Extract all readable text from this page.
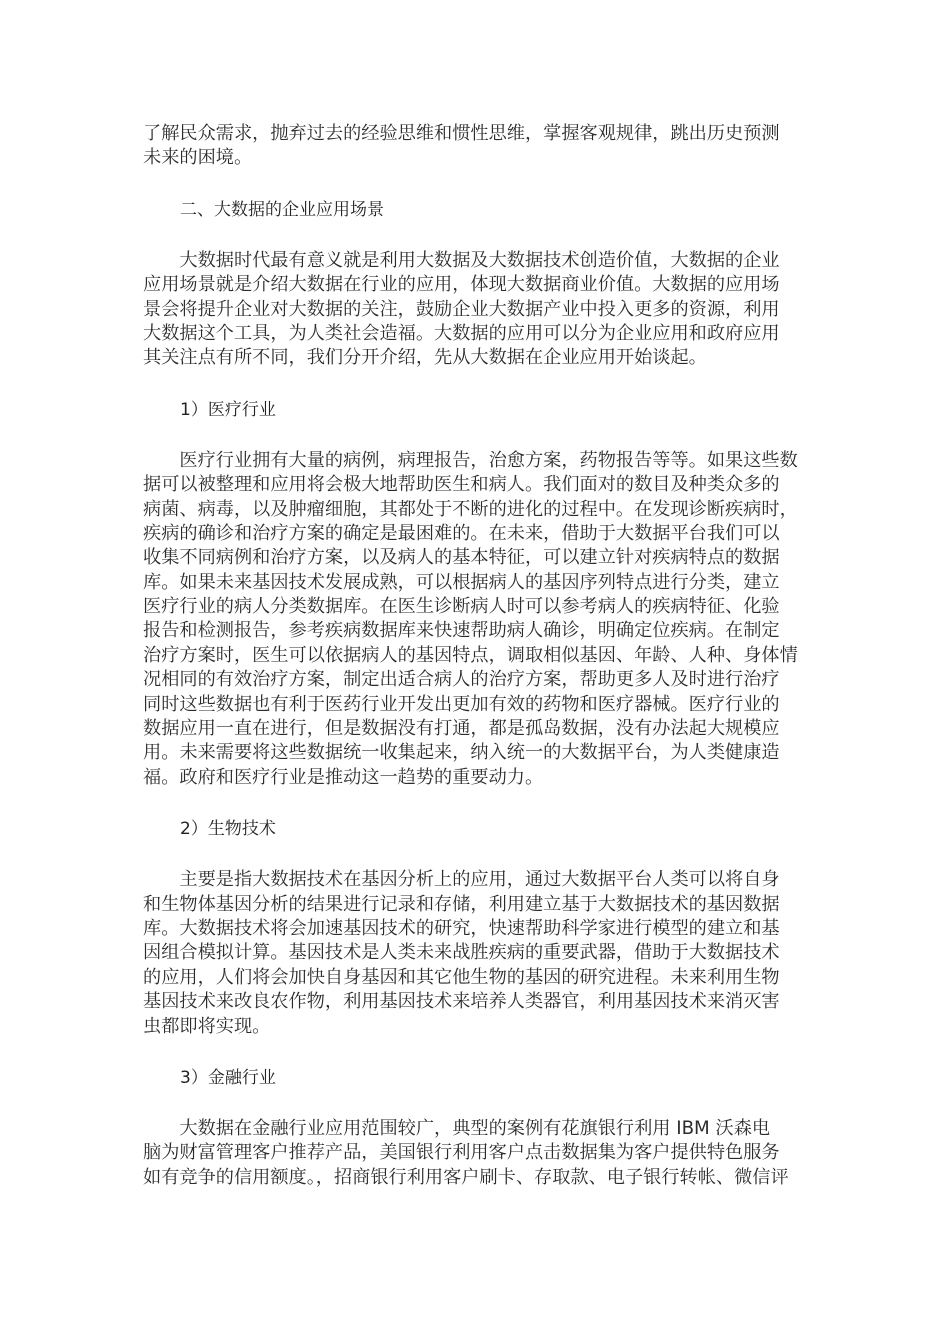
了解民众需求，抛弃过去的经验思维和惯性思维，掌握客观规律，跳出历史预测
未来的困境。
二、大数据的企业应用场景
　　大数据时代最有意义就是利用大数据及大数据技术创造价值，大数据的企业
应用场景就是介绍大数据在行业的应用，体现大数据商业价值。大数据的应用场
景会将提升企业对大数据的关注，鼓励企业大数据产业中投入更多的资源，利用
大数据这个工具，为人类社会造福。大数据的应用可以分为企业应用和政府应用
其关注点有所不同，我们分开介绍，先从大数据在企业应用开始谈起。
1）医疗行业
　　医疗行业拥有大量的病例，病理报告，治愈方案，药物报告等等。如果这些数
据可以被整理和应用将会极大地帮助医生和病人。我们面对的数目及种类众多的
病菌、病毒，以及肿瘤细胞，其都处于不断的进化的过程中。在发现诊断疾病时，
疾病的确诊和治疗方案的确定是最困难的。在未来，借助于大数据平台我们可以
收集不同病例和治疗方案，以及病人的基本特征，可以建立针对疾病特点的数据
库。如果未来基因技术发展成熟，可以根据病人的基因序列特点进行分类，建立
医疗行业的病人分类数据库。在医生诊断病人时可以参考病人的疾病特征、化验
报告和检测报告，参考疾病数据库来快速帮助病人确诊，明确定位疾病。在制定
治疗方案时，医生可以依据病人的基因特点，调取相似基因、年龄、人种、身体情
况相同的有效治疗方案，制定出适合病人的治疗方案，帮助更多人及时进行治疗
同时这些数据也有利于医药行业开发出更加有效的药物和医疗器械。医疗行业的
数据应用一直在进行，但是数据没有打通，都是孤岛数据，没有办法起大规模应
用。未来需要将这些数据统一收集起来，纳入统一的大数据平台，为人类健康造
福。政府和医疗行业是推动这一趋势的重要动力。
2）生物技术
　　主要是指大数据技术在基因分析上的应用，通过大数据平台人类可以将自身
和生物体基因分析的结果进行记录和存储，利用建立基于大数据技术的基因数据
库。大数据技术将会加速基因技术的研究，快速帮助科学家进行模型的建立和基
因组合模拟计算。基因技术是人类未来战胜疾病的重要武器，借助于大数据技术
的应用，人们将会加快自身基因和其它他生物的基因的研究进程。未来利用生物
基因技术来改良农作物，利用基因技术来培养人类器官，利用基因技术来消灭害
虫都即将实现。
3）金融行业
　　大数据在金融行业应用范围较广，典型的案例有花旗银行利用 IBM 沃森电
脑为财富管理客户推荐产品，美国银行利用客户点击数据集为客户提供特色服务
如有竞争的信用额度。，招商银行利用客户刷卡、存取款、电子银行转帐、微信评
